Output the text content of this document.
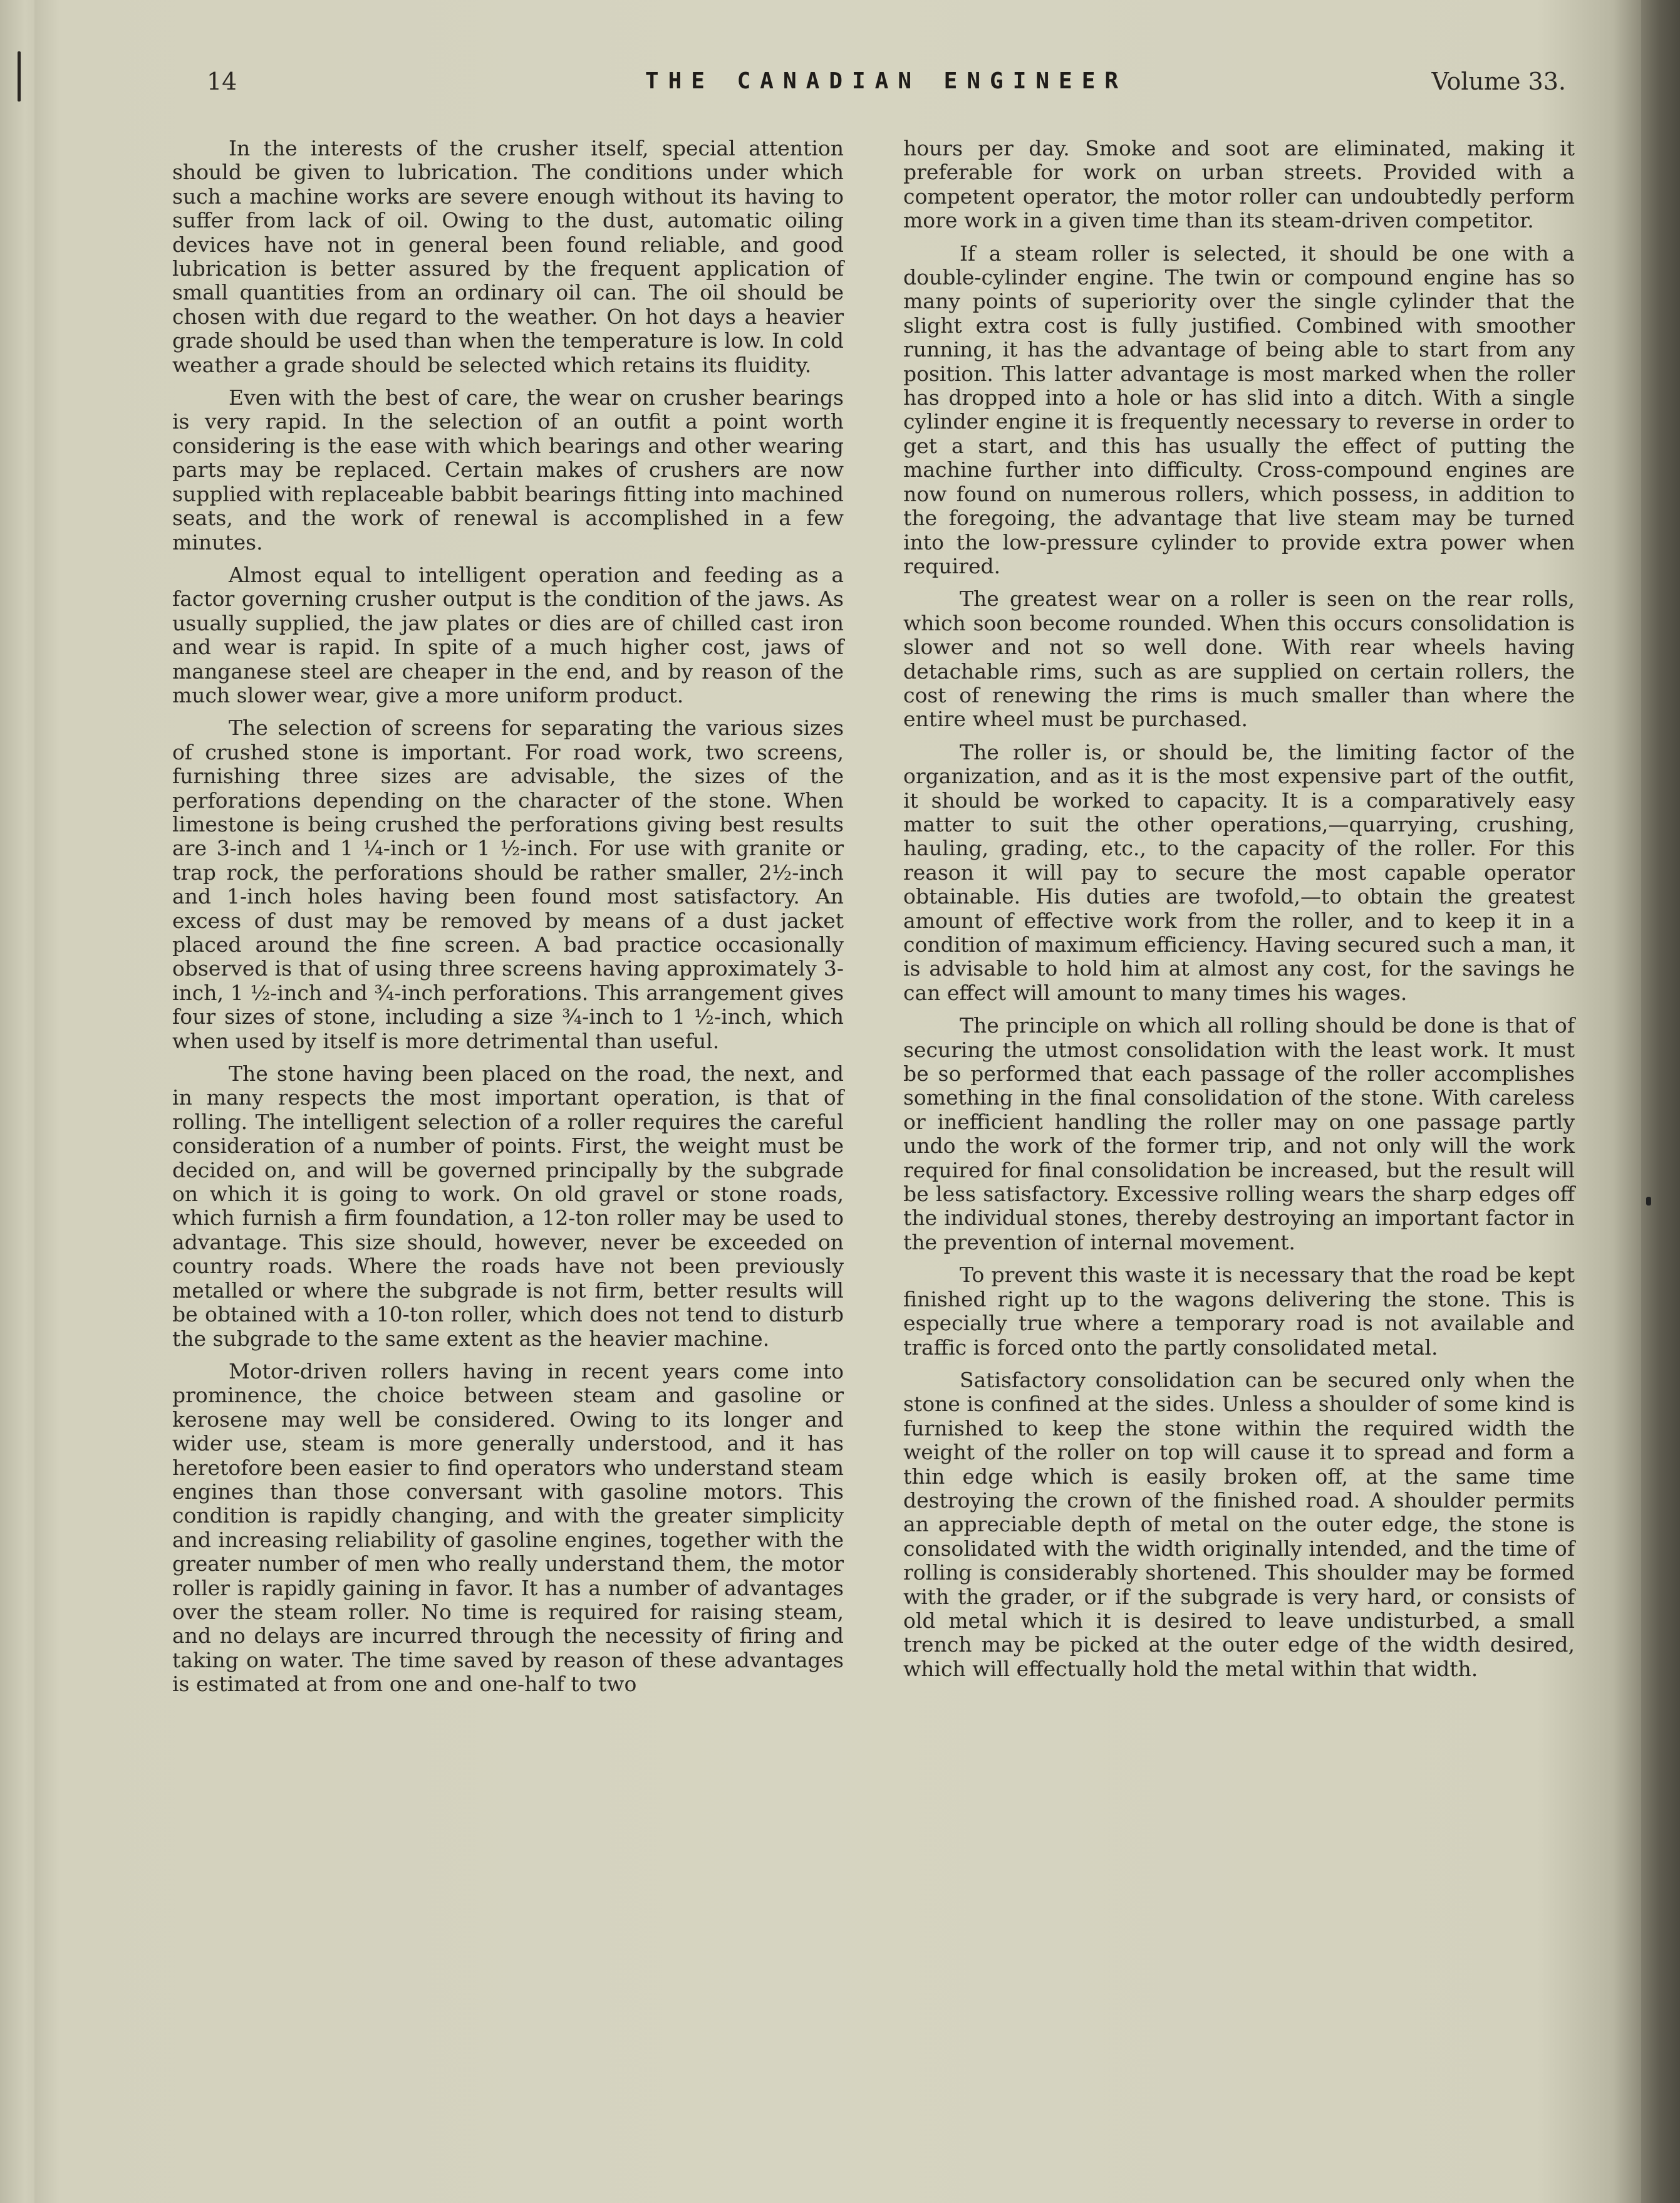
14	THE CANADIAN ENGINEER	Volume 33.

In the interests of the crusher itself, special attention should be given to lubrication. The conditions under which such a machine works are severe enough without its having to suffer from lack of oil. Owing to the dust, automatic oiling devices have not in general been found reliable, and good lubrication is better assured by the frequent application of small quantities from an ordinary oil can. The oil should be chosen with due regard to the weather. On hot days a heavier grade should be used than when the temperature is low. In cold weather a grade should be selected which retains its fluidity.

Even with the best of care, the wear on crusher bearings is very rapid. In the selection of an outfit a point worth considering is the ease with which bearings and other wearing parts may be replaced. Certain makes of crushers are now supplied with replaceable babbit bearings fitting into machined seats, and the work of renewal is accomplished in a few minutes.

Almost equal to intelligent operation and feeding as a factor governing crusher output is the condition of the jaws. As usually supplied, the jaw plates or dies are of chilled cast iron and wear is rapid. In spite of a much higher cost, jaws of manganese steel are cheaper in the end, and by reason of the much slower wear, give a more uniform product.

The selection of screens for separating the various sizes of crushed stone is important. For road work, two screens, furnishing three sizes are advisable, the sizes of the perforations depending on the character of the stone. When limestone is being crushed the perforations giving best results are 3-inch and 1 ¼-inch or 1 ½-inch. For use with granite or trap rock, the perforations should be rather smaller, 2½-inch and 1-inch holes having been found most satisfactory. An excess of dust may be removed by means of a dust jacket placed around the fine screen. A bad practice occasionally observed is that of using three screens having approximately 3-inch, 1 ½-inch and ¾-inch perforations. This arrangement gives four sizes of stone, including a size ¾-inch to 1 ½-inch, which when used by itself is more detrimental than useful.

The stone having been placed on the road, the next, and in many respects the most important operation, is that of rolling. The intelligent selection of a roller requires the careful consideration of a number of points. First, the weight must be decided on, and will be governed principally by the subgrade on which it is going to work. On old gravel or stone roads, which furnish a firm foundation, a 12-ton roller may be used to advantage. This size should, however, never be exceeded on country roads. Where the roads have not been previously metalled or where the subgrade is not firm, better results will be obtained with a 10-ton roller, which does not tend to disturb the subgrade to the same extent as the heavier machine.

Motor-driven rollers having in recent years come into prominence, the choice between steam and gasoline or kerosene may well be considered. Owing to its longer and wider use, steam is more generally understood, and it has heretofore been easier to find operators who understand steam engines than those conversant with gasoline motors. This condition is rapidly changing, and with the greater simplicity and increasing reliability of gasoline engines, together with the greater number of men who really understand them, the motor roller is rapidly gaining in favor. It has a number of advantages over the steam roller. No time is required for raising steam, and no delays are incurred through the necessity of firing and taking on water. The time saved by reason of these advantages is estimated at from one and one-half to two

hours per day. Smoke and soot are eliminated, making it preferable for work on urban streets. Provided with a competent operator, the motor roller can undoubtedly perform more work in a given time than its steam-driven competitor.

If a steam roller is selected, it should be one with a double-cylinder engine. The twin or compound engine has so many points of superiority over the single cylinder that the slight extra cost is fully justified. Combined with smoother running, it has the advantage of being able to start from any position. This latter advantage is most marked when the roller has dropped into a hole or has slid into a ditch. With a single cylinder engine it is frequently necessary to reverse in order to get a start, and this has usually the effect of putting the machine further into difficulty. Cross-compound engines are now found on numerous rollers, which possess, in addition to the foregoing, the advantage that live steam may be turned into the low-pressure cylinder to provide extra power when required.

The greatest wear on a roller is seen on the rear rolls, which soon become rounded. When this occurs consolidation is slower and not so well done. With rear wheels having detachable rims, such as are supplied on certain rollers, the cost of renewing the rims is much smaller than where the entire wheel must be purchased.

The roller is, or should be, the limiting factor of the organization, and as it is the most expensive part of the outfit, it should be worked to capacity. It is a comparatively easy matter to suit the other operations,—quarrying, crushing, hauling, grading, etc., to the capacity of the roller. For this reason it will pay to secure the most capable operator obtainable. His duties are twofold,—to obtain the greatest amount of effective work from the roller, and to keep it in a condition of maximum efficiency. Having secured such a man, it is advisable to hold him at almost any cost, for the savings he can effect will amount to many times his wages.

The principle on which all rolling should be done is that of securing the utmost consolidation with the least work. It must be so performed that each passage of the roller accomplishes something in the final consolidation of the stone. With careless or inefficient handling the roller may on one passage partly undo the work of the former trip, and not only will the work required for final consolidation be increased, but the result will be less satisfactory. Excessive rolling wears the sharp edges off the individual stones, thereby destroying an important factor in the prevention of internal movement.

To prevent this waste it is necessary that the road be kept finished right up to the wagons delivering the stone. This is especially true where a temporary road is not available and traffic is forced onto the partly consolidated metal.

Satisfactory consolidation can be secured only when the stone is confined at the sides. Unless a shoulder of some kind is furnished to keep the stone within the required width the weight of the roller on top will cause it to spread and form a thin edge which is easily broken off, at the same time destroying the crown of the finished road. A shoulder permits an appreciable depth of metal on the outer edge, the stone is consolidated with the width originally intended, and the time of rolling is considerably shortened. This shoulder may be formed with the grader, or if the subgrade is very hard, or consists of old metal which it is desired to leave undisturbed, a small trench may be picked at the outer edge of the width desired, which will effectually hold the metal within that width.
